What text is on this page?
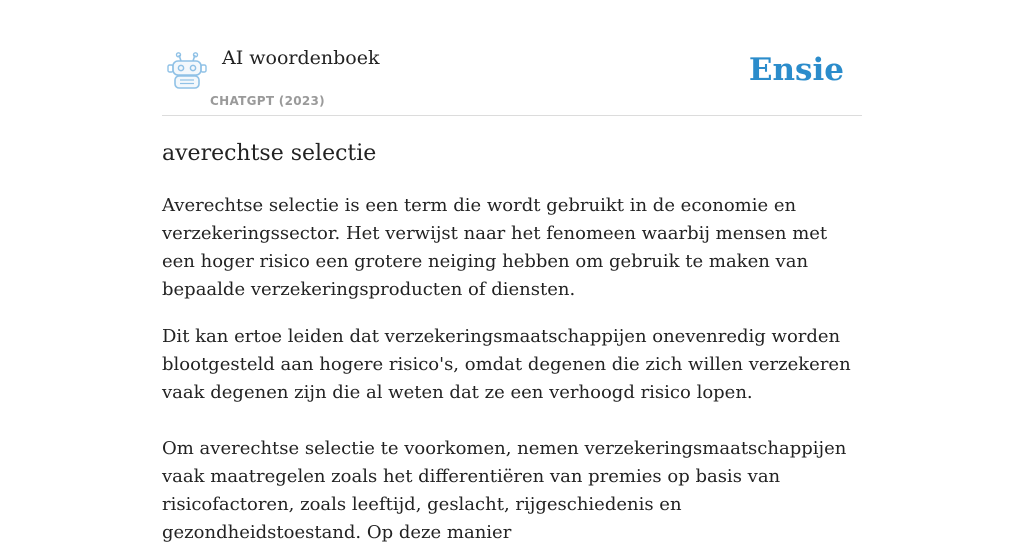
AI woordenboek
CHATGPT (2023)
Ensie
averechtse selectie

Averechtse selectie is een term die wordt gebruikt in de economie en verzekeringssector. Het verwijst naar het fenomeen waarbij mensen met een hoger risico een grotere neiging hebben om gebruik te maken van bepaalde verzekeringsproducten of diensten.

Dit kan ertoe leiden dat verzekeringsmaatschappijen onevenredig worden blootgesteld aan hogere risico's, omdat degenen die zich willen verzekeren vaak degenen zijn die al weten dat ze een verhoogd risico lopen.

Om averechtse selectie te voorkomen, nemen verzekeringsmaatschappijen vaak maatregelen zoals het differentiëren van premies op basis van risicofactoren, zoals leeftijd, geslacht, rijgeschiedenis en gezondheidstoestand. Op deze manier
